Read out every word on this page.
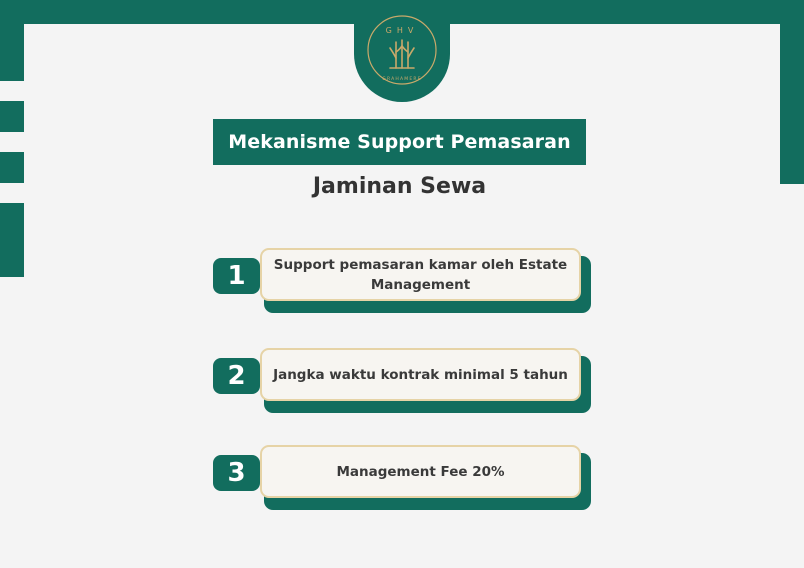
GHV
GRAHAMERE
Mekanisme Support Pemasaran
Jaminan Sewa
1	Support pemasaran kamar oleh Estate Management
2	Jangka waktu kontrak minimal 5 tahun
3	Management Fee 20%
